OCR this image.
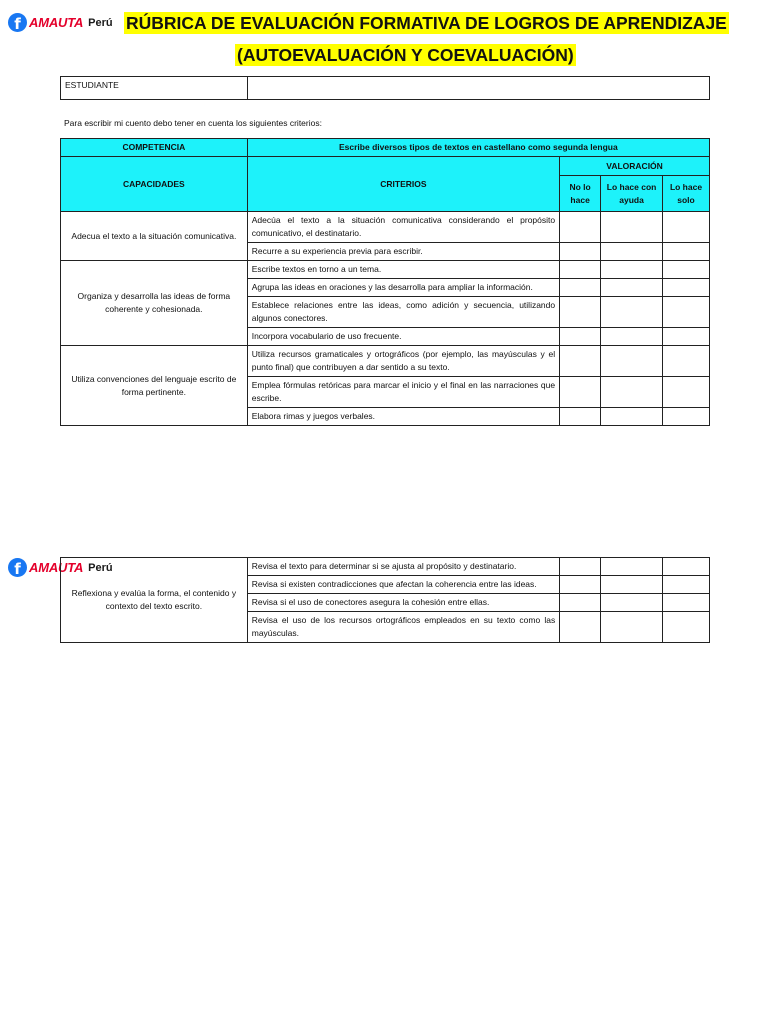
f AMAUTA Perú RÚBRICA DE EVALUACIÓN FORMATIVA DE LOGROS DE APRENDIZAJE
(AUTOEVALUACIÓN Y COEVALUACIÓN)
ESTUDIANTE	
Para escribir mi cuento debo tener en cuenta los siguientes criterios:
COMPETENCIA	Escribe diversos tipos de textos en castellano como segunda lengua			
CAPACIDADES	CRITERIOS	VALORACIÓN		
		No lo hace	Lo hace con ayuda	Lo hace solo
Adecua el texto a la situación comunicativa.	Adecúa el texto a la situación comunicativa considerando el propósito comunicativo, el destinatario.			
	Recurre a su experiencia previa para escribir.			
Organiza y desarrolla las ideas de forma coherente y cohesionada.	Escribe textos en torno a un tema.			
	Agrupa las ideas en oraciones y las desarrolla para ampliar la información.			
	Establece relaciones entre las ideas, como adición y secuencia, utilizando algunos conectores.			
	Incorpora vocabulario de uso frecuente.			
Utiliza convenciones del lenguaje escrito de forma pertinente.	Utiliza recursos gramaticales y ortográficos (por ejemplo, las mayúsculas y el punto final) que contribuyen a dar sentido a su texto.			
	Emplea fórmulas retóricas para marcar el inicio y el final en las narraciones que escribe.			
	Elabora rimas y juegos verbales.			
f AMAUTA Perú
Reflexiona y evalúa la forma, el contenido y contexto del texto escrito.	Revisa el texto para determinar si se ajusta al propósito y destinatario.			
	Revisa si existen contradicciones que afectan la coherencia entre las ideas.			
	Revisa si el uso de conectores asegura la cohesión entre ellas.			
	Revisa el uso de los recursos ortográficos empleados en su texto como las mayúsculas.			
